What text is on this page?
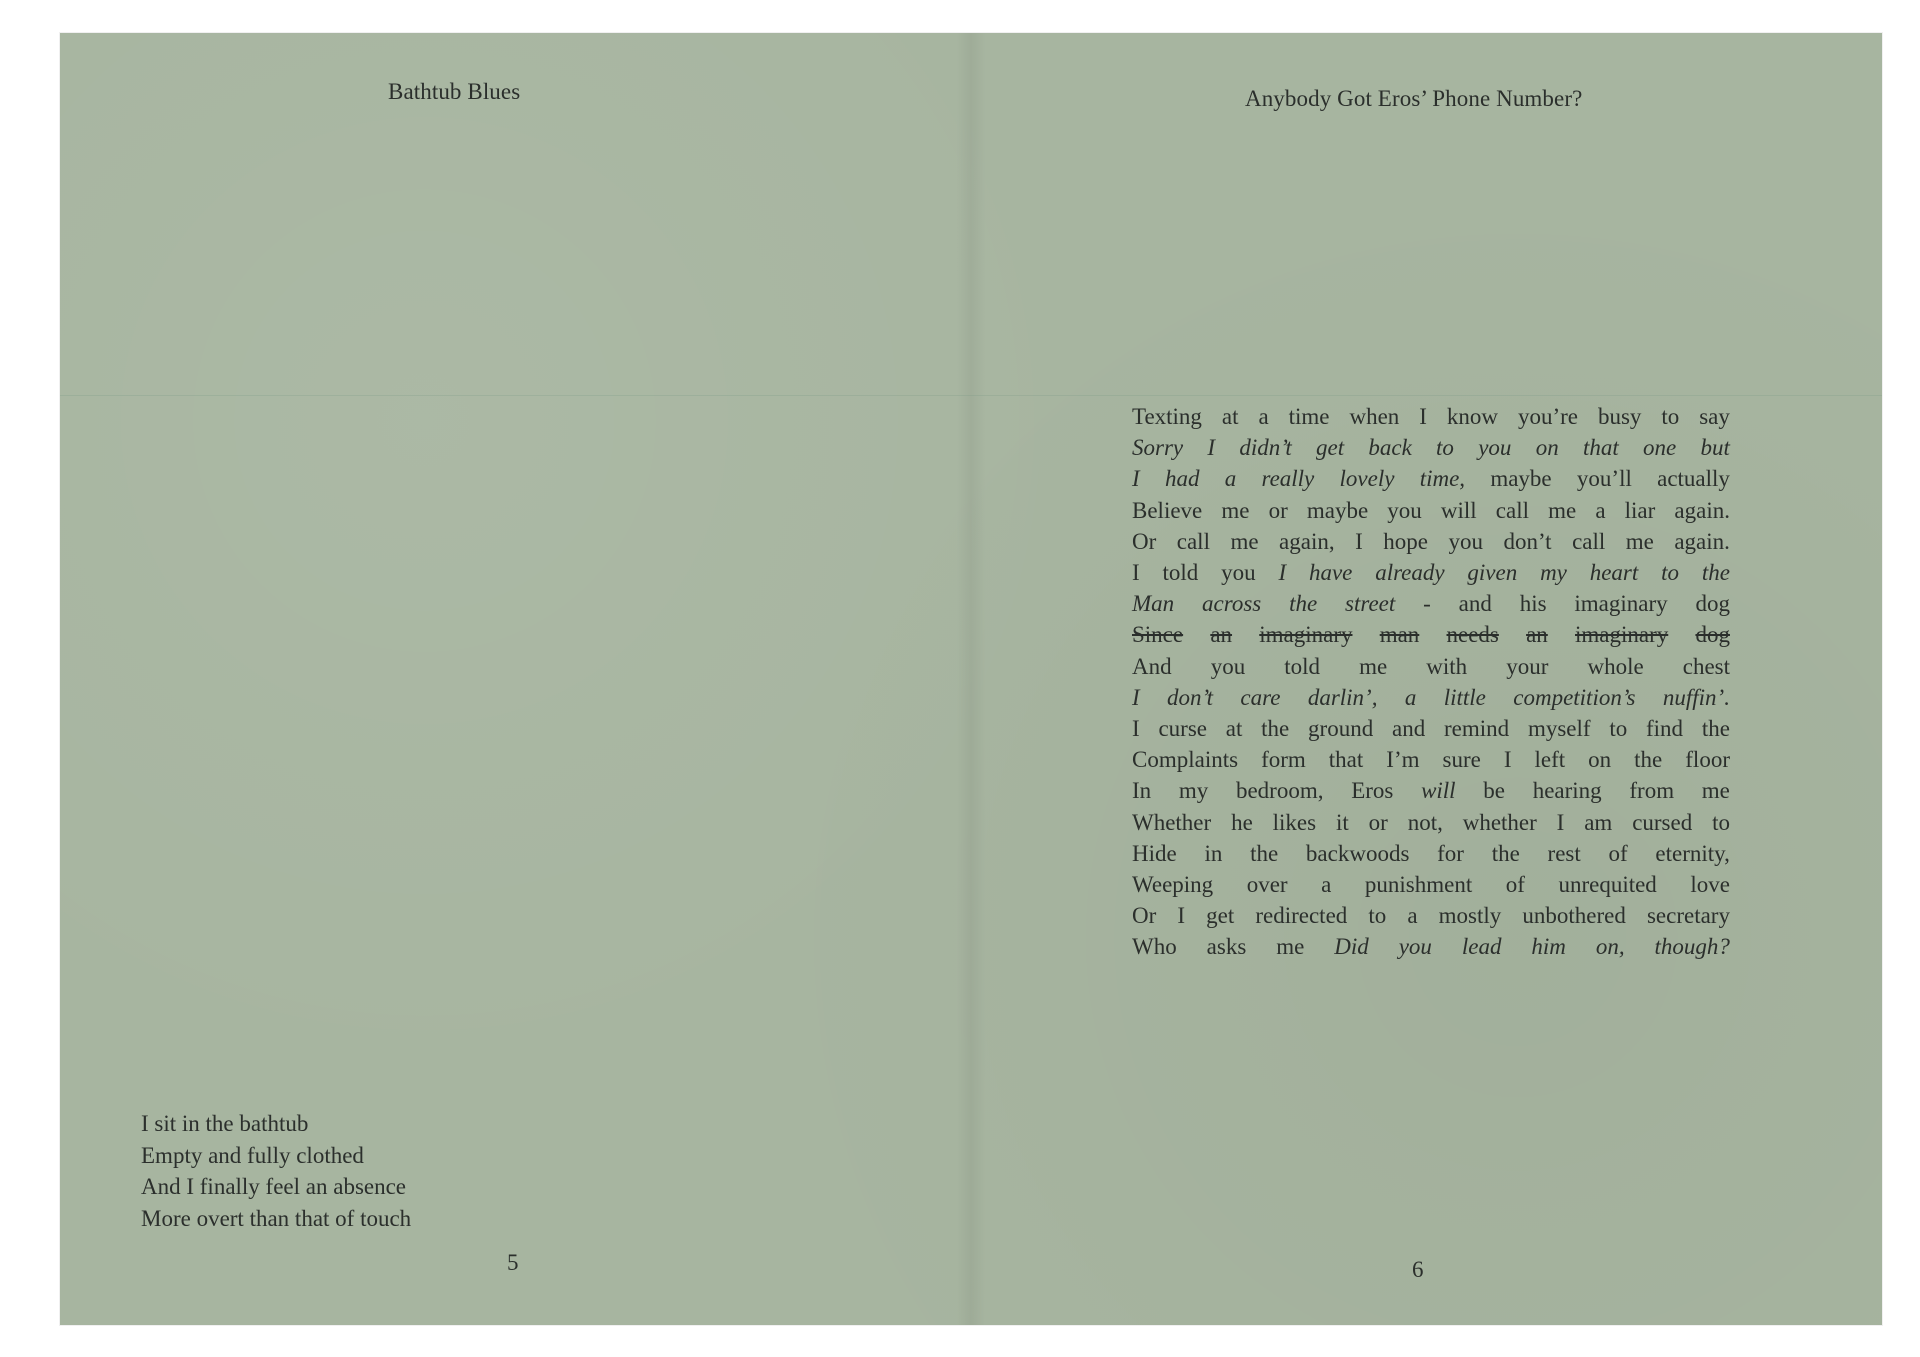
Bathtub Blues	Anybody Got Eros’ Phone Number?
I sit in the bathtub
Empty and fully clothed
And I finally feel an absence
More overt than that of touch
Texting at a time when I know you’re busy to say
Sorry I didn’t get back to you on that one but
I had a really lovely time, maybe you’ll actually
Believe me or maybe you will call me a liar again.
Or call me again, I hope you don’t call me again.
I told you I have already given my heart to the
Man across the street - and his imaginary dog
Since an imaginary man needs an imaginary dog
And you told me with your whole chest
I don’t care darlin’, a little competition’s nuffin’.
I curse at the ground and remind myself to find the
Complaints form that I’m sure I left on the floor
In my bedroom, Eros will be hearing from me
Whether he likes it or not, whether I am cursed to
Hide in the backwoods for the rest of eternity,
Weeping over a punishment of unrequited love
Or I get redirected to a mostly unbothered secretary
Who asks me Did you lead him on, though?
5	6
